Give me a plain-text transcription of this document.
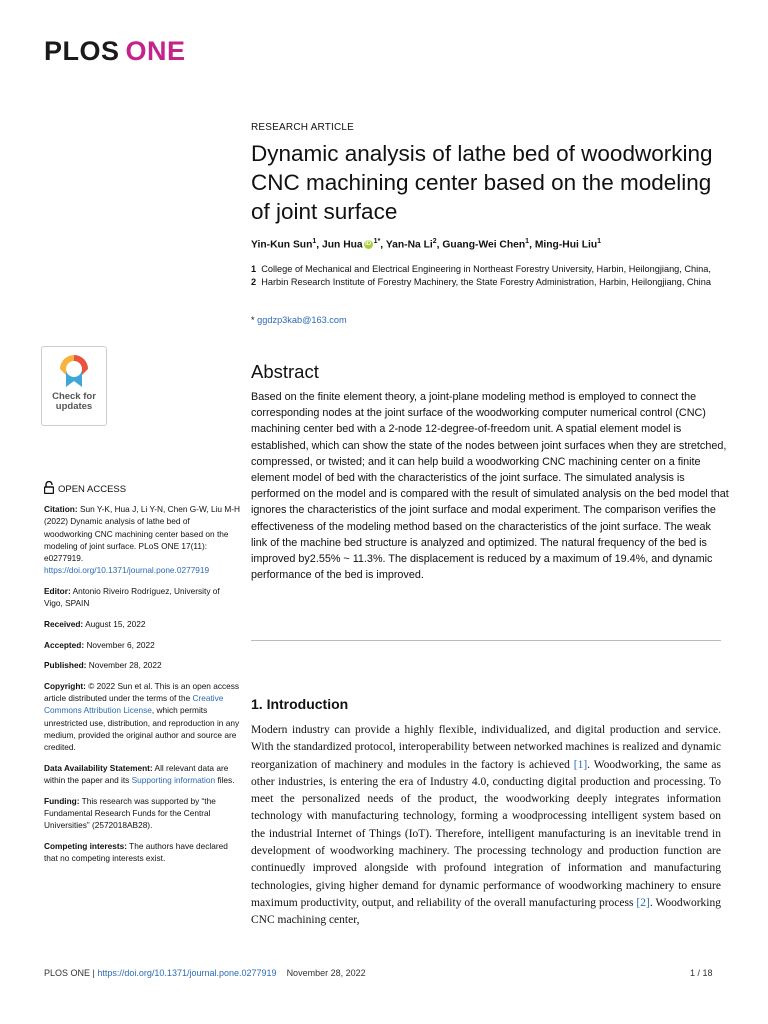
PLOS ONE
RESEARCH ARTICLE
Dynamic analysis of lathe bed of woodworking CNC machining center based on the modeling of joint surface
Yin-Kun Sun$^1$, Jun Hua iD $^{1*}$, Yan-Na Li$^2$, Guang-Wei Chen$^1$, Ming-Hui Liu$^1$
1 College of Mechanical and Electrical Engineering in Northeast Forestry University, Harbin, Heilongjiang, China, 2 Harbin Research Institute of Forestry Machinery, the State Forestry Administration, Harbin, Heilongjiang, China
* ggdzp3kab@163.com
Check for
updates
OPEN ACCESS

Citation: Sun Y-K, Hua J, Li Y-N, Chen G-W, Liu M-H (2022) Dynamic analysis of lathe bed of woodworking CNC machining center based on the modeling of joint surface. PLoS ONE 17(11): e0277919. https://doi.org/10.1371/journal.pone.0277919

Editor: Antonio Riveiro Rodríguez, University of Vigo, SPAIN

Received: August 15, 2022

Accepted: November 6, 2022

Published: November 28, 2022

Copyright: © 2022 Sun et al. This is an open access article distributed under the terms of the Creative Commons Attribution License, which permits unrestricted use, distribution, and reproduction in any medium, provided the original author and source are credited.

Data Availability Statement: All relevant data are within the paper and its Supporting information files.

Funding: This research was supported by “the Fundamental Research Funds for the Central Universities” (2572018AB28).

Competing interests: The authors have declared that no competing interests exist.

Abstract

Based on the finite element theory, a joint-plane modeling method is employed to connect the corresponding nodes at the joint surface of the woodworking computer numerical control (CNC) machining center bed with a 2-node 12-degree-of-freedom unit. A spatial element model is established, which can show the state of the nodes between joint surfaces when they are stretched, compressed, or twisted; and it can help build a woodworking CNC machining center on a finite element model of bed with the characteristics of the joint surface. The simulated analysis is performed on the model and is compared with the result of simulated analysis on the bed model that ignores the characteristics of the joint surface and modal experiment. The comparison verifies the effectiveness of the modeling method based on the characteristics of the joint surface. The weak link of the machine bed structure is analyzed and optimized. The natural frequency of the bed is improved by2.55% ~ 11.3%. The displacement is reduced by a maximum of 19.4%, and dynamic performance of the bed is improved.

1. Introduction

Modern industry can provide a highly flexible, individualized, and digital production and service. With the standardized protocol, interoperability between networked machines is realized and dynamic reorganization of machinery and modules in the factory is achieved [1]. Woodworking, the same as other industries, is entering the era of Industry 4.0, conducting digital production and processing. To meet the personalized needs of the product, the woodworking deeply integrates information technology with manufacturing technology, forming a woodprocessing intelligent system based on the industrial Internet of Things (IoT). Therefore, intelligent manufacturing is an inevitable trend in development of woodworking machinery. The processing technology and production function are continuedly improved alongside with profound integration of information and manufacturing technologies, giving higher demand for dynamic performance of woodworking machinery to ensure maximum productivity, output, and reliability of the overall manufacturing process [2]. Woodworking CNC machining center,

PLOS ONE | https://doi.org/10.1371/journal.pone.0277919 November 28, 2022	1 / 18
